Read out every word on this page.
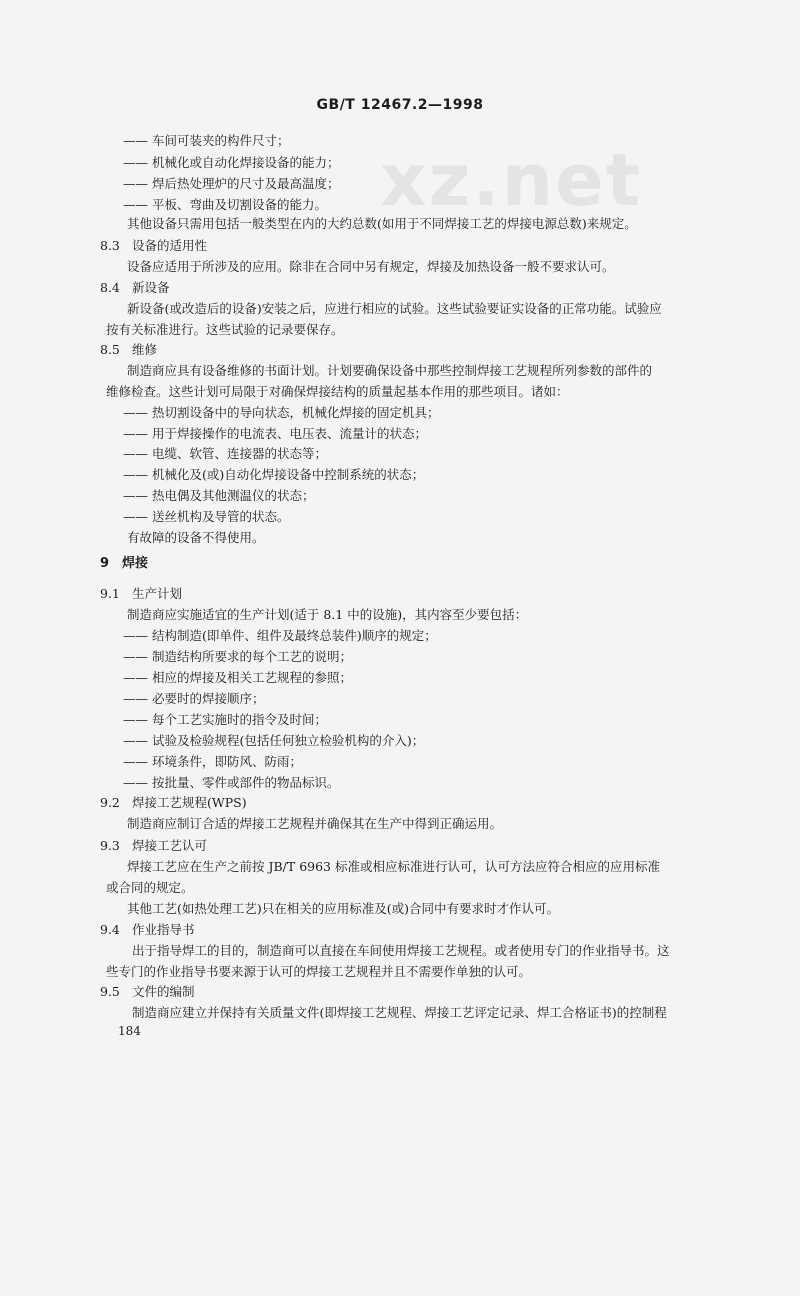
xz.net
GB/T 12467.2—1998
—— 车间可装夹的构件尺寸；
—— 机械化或自动化焊接设备的能力；
—— 焊后热处理炉的尺寸及最高温度；
—— 平板、弯曲及切割设备的能力。
其他设备只需用包括一般类型在内的大约总数(如用于不同焊接工艺的焊接电源总数)来规定。
8.3 设备的适用性
设备应适用于所涉及的应用。除非在合同中另有规定，焊接及加热设备一般不要求认可。
8.4 新设备
新设备(或改造后的设备)安装之后，应进行相应的试验。这些试验要证实设备的正常功能。试验应
按有关标准进行。这些试验的记录要保存。
8.5 维修
制造商应具有设备维修的书面计划。计划要确保设备中那些控制焊接工艺规程所列参数的部件的
维修检查。这些计划可局限于对确保焊接结构的质量起基本作用的那些项目。诸如：
—— 热切割设备中的导向状态，机械化焊接的固定机具；
—— 用于焊接操作的电流表、电压表、流量计的状态；
—— 电缆、软管、连接器的状态等；
—— 机械化及(或)自动化焊接设备中控制系统的状态；
—— 热电偶及其他测温仪的状态；
—— 送丝机构及导管的状态。
有故障的设备不得使用。
9 焊接
9.1 生产计划
制造商应实施适宜的生产计划(适于 8.1 中的设施)，其内容至少要包括：
—— 结构制造(即单件、组件及最终总装件)顺序的规定；
—— 制造结构所要求的每个工艺的说明；
—— 相应的焊接及相关工艺规程的参照；
—— 必要时的焊接顺序；
—— 每个工艺实施时的指令及时间；
—— 试验及检验规程(包括任何独立检验机构的介入)；
—— 环境条件，即防风、防雨；
—— 按批量、零件或部件的物品标识。
9.2 焊接工艺规程(WPS)
制造商应制订合适的焊接工艺规程并确保其在生产中得到正确运用。
9.3 焊接工艺认可
焊接工艺应在生产之前按 JB/T 6963 标准或相应标准进行认可，认可方法应符合相应的应用标准
或合同的规定。
其他工艺(如热处理工艺)只在相关的应用标准及(或)合同中有要求时才作认可。
9.4 作业指导书
出于指导焊工的目的，制造商可以直接在车间使用焊接工艺规程。或者使用专门的作业指导书。这
些专门的作业指导书要来源于认可的焊接工艺规程并且不需要作单独的认可。
9.5 文件的编制
制造商应建立并保持有关质量文件(即焊接工艺规程、焊接工艺评定记录、焊工合格证书)的控制程
184
